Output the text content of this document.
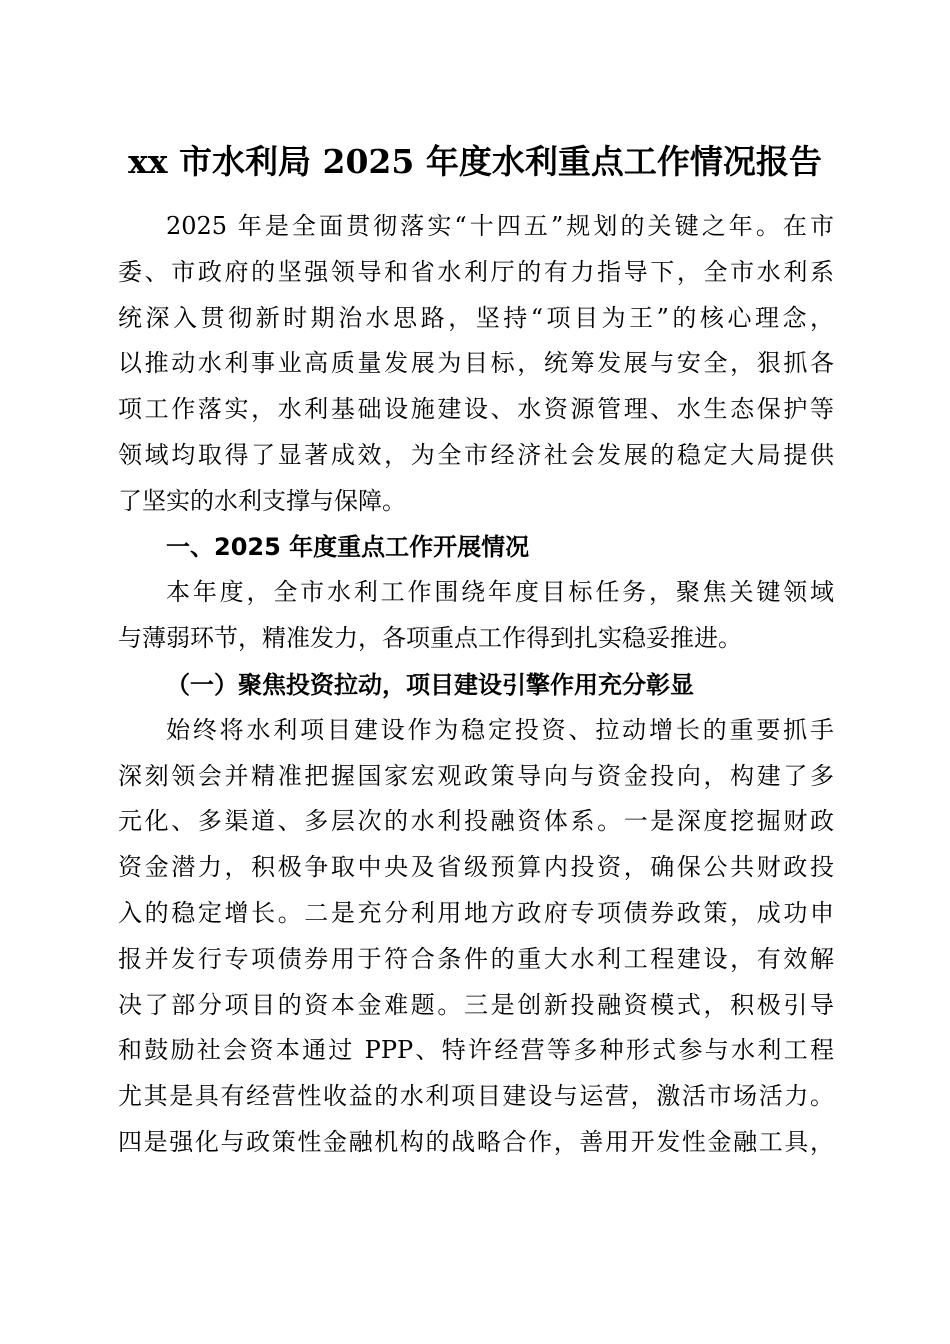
xx 市水利局 2025 年度水利重点工作情况报告
2025 年是全面贯彻落实“十四五”规划的关键之年。在市
委、市政府的坚强领导和省水利厅的有力指导下，全市水利系
统深入贯彻新时期治水思路，坚持“项目为王”的核心理念，
以推动水利事业高质量发展为目标，统筹发展与安全，狠抓各
项工作落实，水利基础设施建设、水资源管理、水生态保护等
领域均取得了显著成效，为全市经济社会发展的稳定大局提供
了坚实的水利支撑与保障。
一、2025 年度重点工作开展情况
本年度，全市水利工作围绕年度目标任务，聚焦关键领域
与薄弱环节，精准发力，各项重点工作得到扎实稳妥推进。
（一）聚焦投资拉动，项目建设引擎作用充分彰显
始终将水利项目建设作为稳定投资、拉动增长的重要抓手
深刻领会并精准把握国家宏观政策导向与资金投向，构建了多
元化、多渠道、多层次的水利投融资体系。一是深度挖掘财政
资金潜力，积极争取中央及省级预算内投资，确保公共财政投
入的稳定增长。二是充分利用地方政府专项债券政策，成功申
报并发行专项债券用于符合条件的重大水利工程建设，有效解
决了部分项目的资本金难题。三是创新投融资模式，积极引导
和鼓励社会资本通过 PPP、特许经营等多种形式参与水利工程
尤其是具有经营性收益的水利项目建设与运营，激活市场活力。
四是强化与政策性金融机构的战略合作，善用开发性金融工具，
